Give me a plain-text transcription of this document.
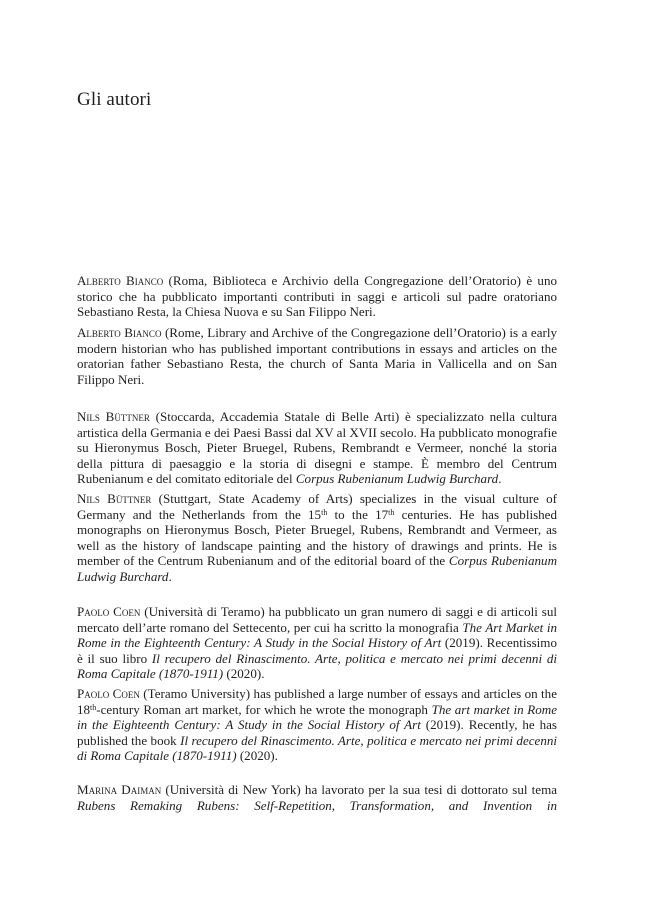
Gli autori

Alberto Bianco (Roma, Biblioteca e Archivio della Congregazione dell’Oratorio) è uno storico che ha pubblicato importanti contributi in saggi e articoli sul padre oratoriano Sebastiano Resta, la Chiesa Nuova e su San Filippo Neri.

Alberto Bianco (Rome, Library and Archive of the Congregazione dell’Oratorio) is a early modern historian who has published important contributions in essays and articles on the oratorian father Sebastiano Resta, the church of Santa Maria in Vallicella and on San Filippo Neri.

Nils Büttner (Stoccarda, Accademia Statale di Belle Arti) è specializzato nella cultura artistica della Germania e dei Paesi Bassi dal XV al XVII secolo. Ha pubblicato monografie su Hieronymus Bosch, Pieter Bruegel, Rubens, Rembrandt e Vermeer, nonché la storia della pittura di paesaggio e la storia di disegni e stampe. È membro del Centrum Rubenianum e del comitato editoriale del Corpus Rubenianum Ludwig Burchard.

Nils Büttner (Stuttgart, State Academy of Arts) specializes in the visual culture of Germany and the Netherlands from the 15th to the 17th centuries. He has published monographs on Hieronymus Bosch, Pieter Bruegel, Rubens, Rembrandt and Vermeer, as well as the history of landscape painting and the history of drawings and prints. He is member of the Centrum Rubenianum and of the editorial board of the Corpus Rubenianum Ludwig Burchard.

Paolo Coen (Università di Teramo) ha pubblicato un gran numero di saggi e di articoli sul mercato dell’arte romano del Settecento, per cui ha scritto la monografia The Art Market in Rome in the Eighteenth Century: A Study in the Social History of Art (2019). Recentissimo è il suo libro Il recupero del Rinascimento. Arte, politica e mercato nei primi decenni di Roma Capitale (1870-1911) (2020).

Paolo Coen (Teramo University) has published a large number of essays and articles on the 18th-century Roman art market, for which he wrote the monograph The art market in Rome in the Eighteenth Century: A Study in the Social History of Art (2019). Recently, he has published the book Il recupero del Rinascimento. Arte, politica e mercato nei primi decenni di Roma Capitale (1870-1911) (2020).

Marina Daiman (Università di New York) ha lavorato per la sua tesi di dottorato sul tema Rubens Remaking Rubens: Self-Repetition, Transformation, and Invention in
